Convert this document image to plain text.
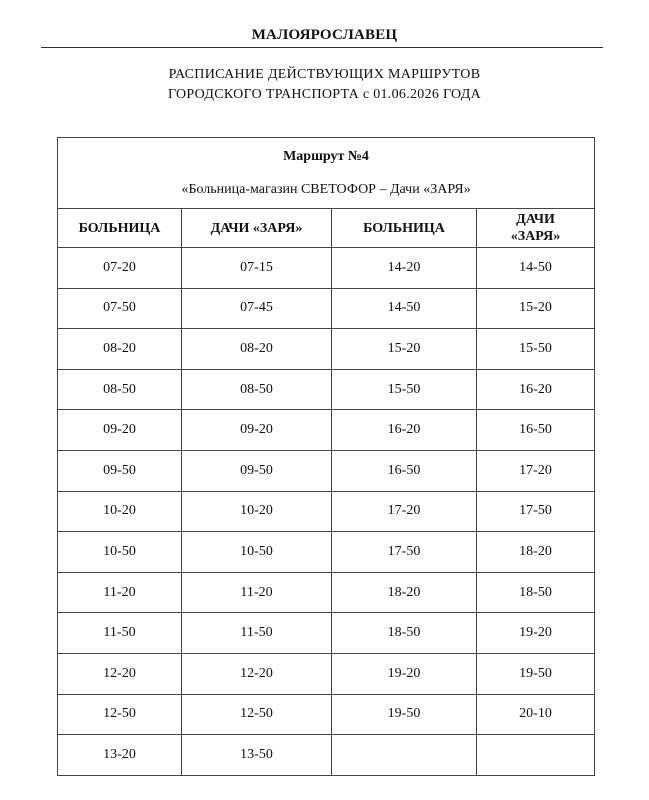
МАЛОЯРОСЛАВЕЦ
РАСПИСАНИЕ ДЕЙСТВУЮЩИХ МАРШРУТОВ
ГОРОДСКОГО ТРАНСПОРТА с 01.06.2026 ГОДА
Маршрут №4
«Больница-магазин СВЕТОФОР – Дачи «ЗАРЯ»			

БОЛЬНИЦА	ДАЧИ «ЗАРЯ»	БОЛЬНИЦА	ДАЧИ «ЗАРЯ»
07-20	07-15	14-20	14-50
07-50	07-45	14-50	15-20
08-20	08-20	15-20	15-50
08-50	08-50	15-50	16-20
09-20	09-20	16-20	16-50
09-50	09-50	16-50	17-20
10-20	10-20	17-20	17-50
10-50	10-50	17-50	18-20
11-20	11-20	18-20	18-50
11-50	11-50	18-50	19-20
12-20	12-20	19-20	19-50
12-50	12-50	19-50	20-10
13-20	13-50		
